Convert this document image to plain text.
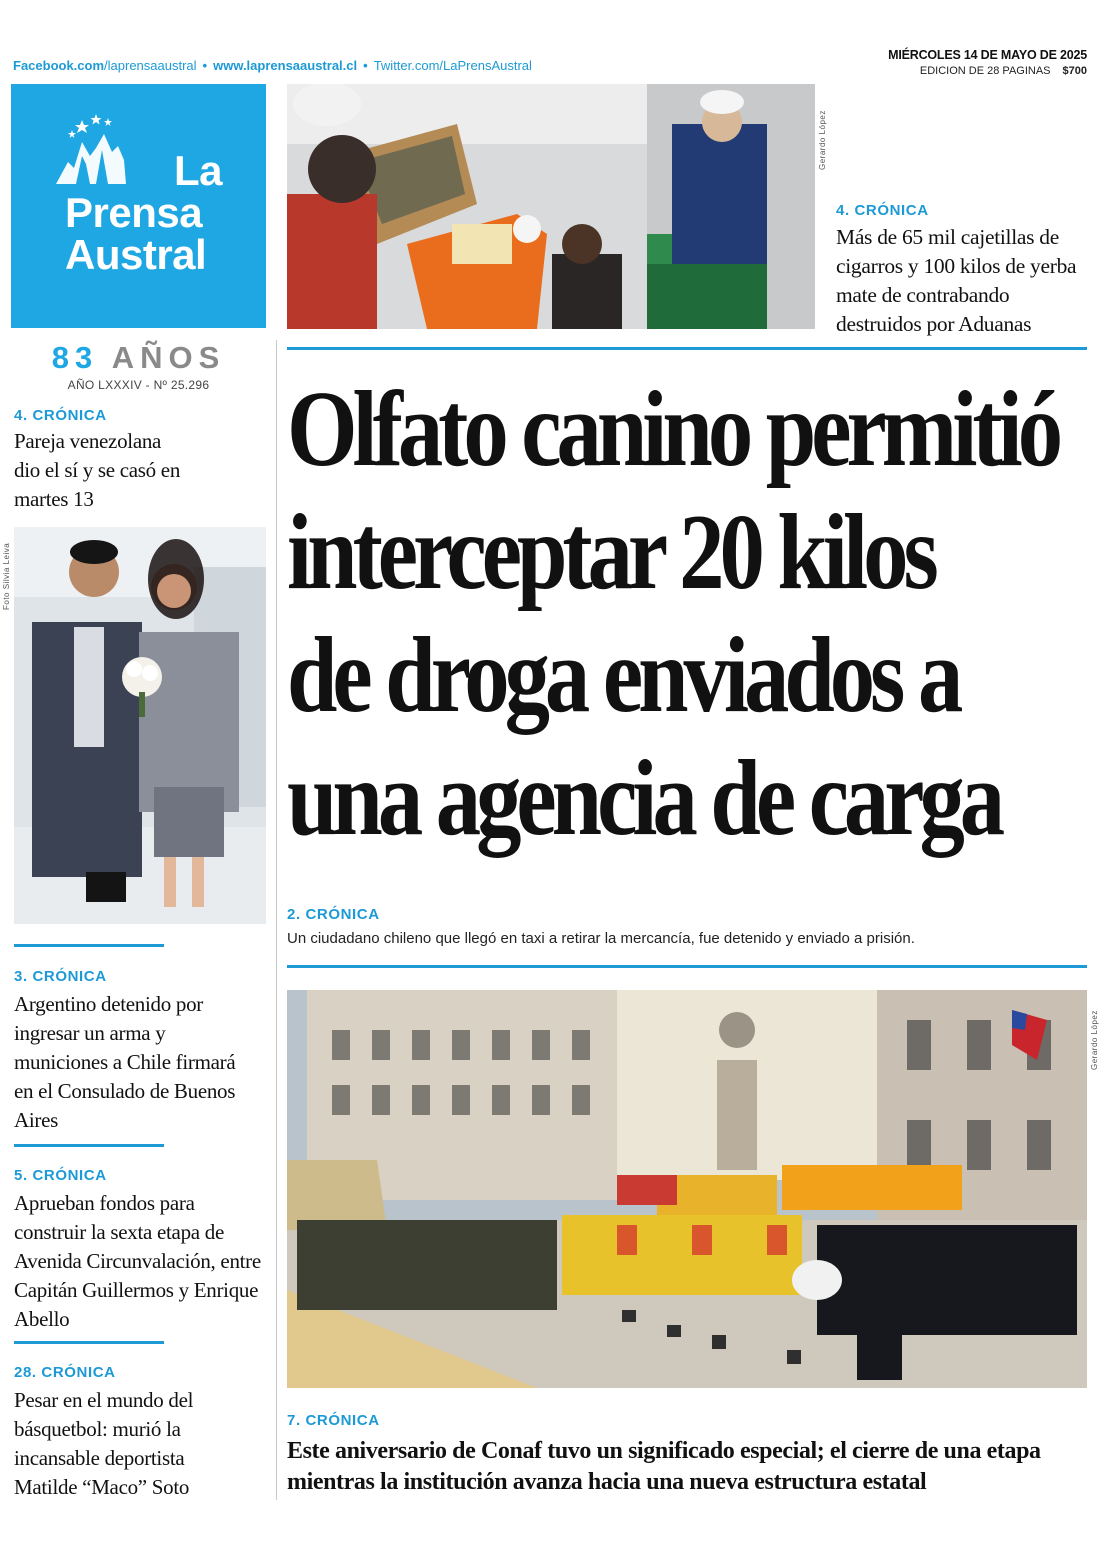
Facebook.com/laprensaaustral • www.laprensaaustral.cl • Twitter.com/LaPrensAustral
MIÉRCOLES 14 DE MAYO DE 2025
EDICION DE 28 PAGINAS $700
La
Prensa
Austral
83 AÑOS
AÑO LXXXIV - Nº 25.296
Gerardo López
4. CRÓNICA
Más de 65 mil cajetillas de cigarros y 100 kilos de yerba mate de contrabando destruidos por Aduanas
Olfato canino permitió
interceptar 20 kilos
de droga enviados a
una agencia de carga
2. CRÓNICA
Un ciudadano chileno que llegó en taxi a retirar la mercancía, fue detenido y enviado a prisión.
4. CRÓNICA
Pareja venezolana dio el sí y se casó en martes 13
Foto Silvia Leiva
3. CRÓNICA
Argentino detenido por ingresar un arma y municiones a Chile firmará en el Consulado de Buenos Aires
5. CRÓNICA
Aprueban fondos para construir la sexta etapa de Avenida Circunvalación, entre Capitán Guillermos y Enrique Abello
28. CRÓNICA
Pesar en el mundo del básquetbol: murió la incansable deportista Matilde “Maco” Soto
Gerardo López
7. CRÓNICA
Este aniversario de Conaf tuvo un significado especial; el cierre de una etapa mientras la institución avanza hacia una nueva estructura estatal
